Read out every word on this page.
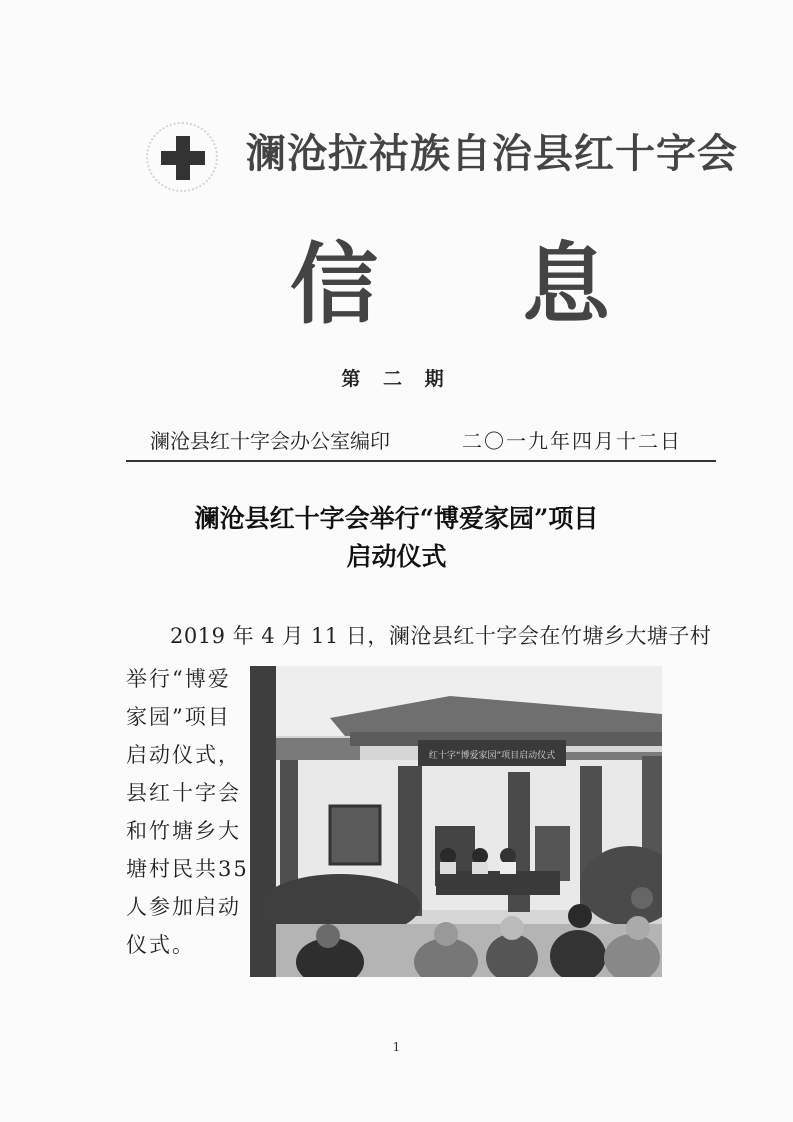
澜沧拉祜族自治县红十字会
信 息
第 二 期
澜沧县红十字会办公室编印	二〇一九年四月十二日
澜沧县红十字会举行“博爱家园”项目
启动仪式
2019 年 4 月 11 日，澜沧县红十字会在竹塘乡大塘子村
举行“博爱
家园”项目
启动仪式，
县红十字会
和竹塘乡大
塘村民共35
人参加启动
仪式。
红十字“博爱家园”项目启动仪式
1
